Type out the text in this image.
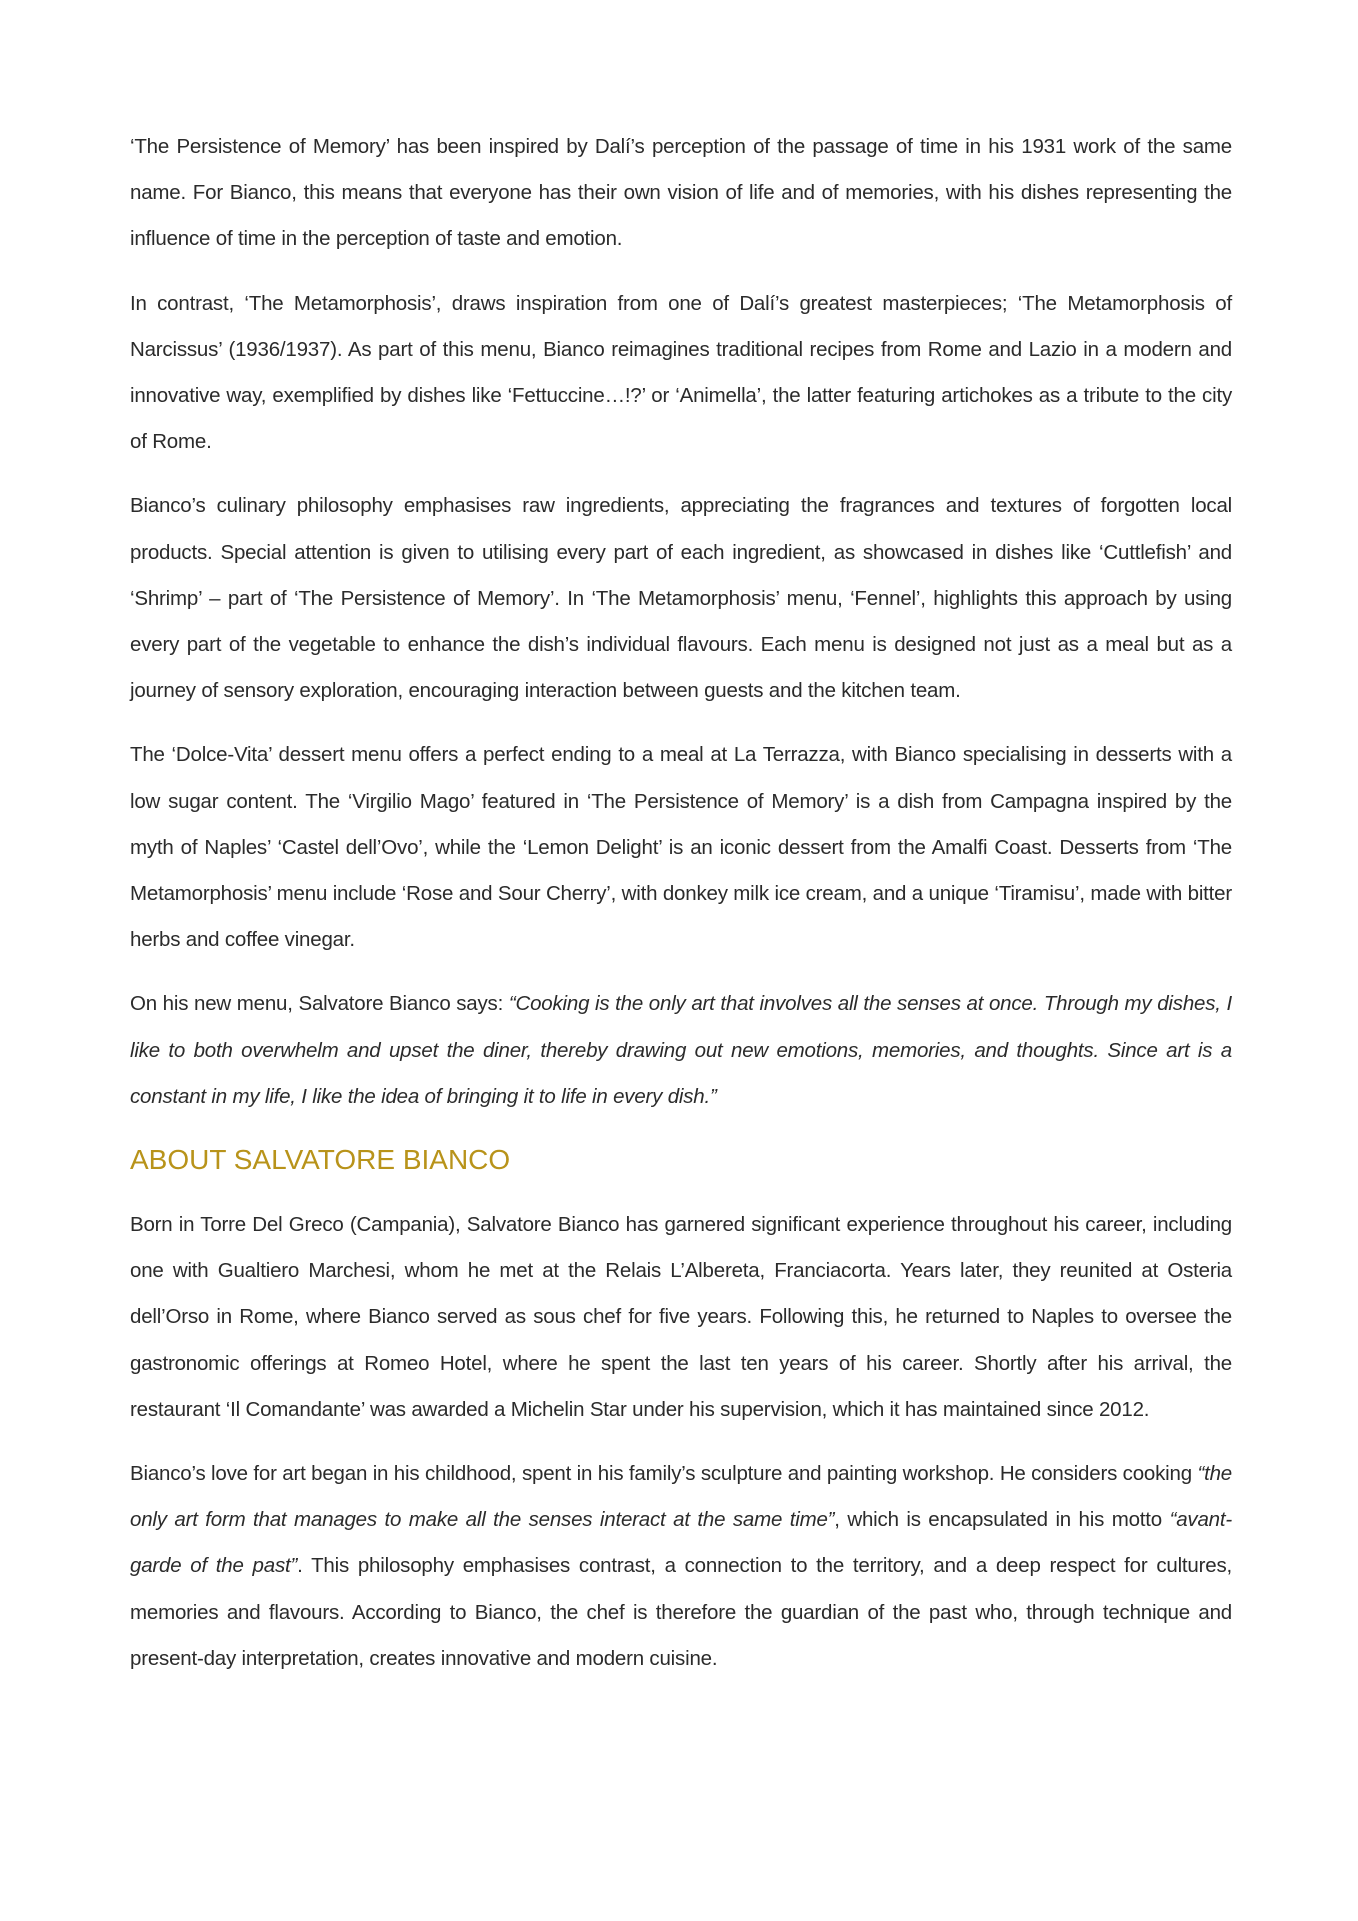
‘The Persistence of Memory’ has been inspired by Dalí’s perception of the passage of time in his 1931 work of the same name. For Bianco, this means that everyone has their own vision of life and of memories, with his dishes representing the influence of time in the perception of taste and emotion.

In contrast, ‘The Metamorphosis’, draws inspiration from one of Dalí’s greatest masterpieces; ‘The Metamorphosis of Narcissus’ (1936/1937). As part of this menu, Bianco reimagines traditional recipes from Rome and Lazio in a modern and innovative way, exemplified by dishes like ‘Fettuccine…!?’ or ‘Animella’, the latter featuring artichokes as a tribute to the city of Rome.

Bianco’s culinary philosophy emphasises raw ingredients, appreciating the fragrances and textures of forgotten local products. Special attention is given to utilising every part of each ingredient, as showcased in dishes like ‘Cuttlefish’ and ‘Shrimp’ – part of ‘The Persistence of Memory’. In ‘The Metamorphosis’ menu, ‘Fennel’, highlights this approach by using every part of the vegetable to enhance the dish’s individual flavours. Each menu is designed not just as a meal but as a journey of sensory exploration, encouraging interaction between guests and the kitchen team.

The ‘Dolce-Vita’ dessert menu offers a perfect ending to a meal at La Terrazza, with Bianco specialising in desserts with a low sugar content. The ‘Virgilio Mago’ featured in ‘The Persistence of Memory’ is a dish from Campagna inspired by the myth of Naples’ ‘Castel dell’Ovo’, while the ‘Lemon Delight’ is an iconic dessert from the Amalfi Coast. Desserts from ‘The Metamorphosis’ menu include ‘Rose and Sour Cherry’, with donkey milk ice cream, and a unique ‘Tiramisu’, made with bitter herbs and coffee vinegar.

On his new menu, Salvatore Bianco says: “Cooking is the only art that involves all the senses at once. Through my dishes, I like to both overwhelm and upset the diner, thereby drawing out new emotions, memories, and thoughts. Since art is a constant in my life, I like the idea of bringing it to life in every dish.”

ABOUT SALVATORE BIANCO

Born in Torre Del Greco (Campania), Salvatore Bianco has garnered significant experience throughout his career, including one with Gualtiero Marchesi, whom he met at the Relais L’Albereta, Franciacorta. Years later, they reunited at Osteria dell’Orso in Rome, where Bianco served as sous chef for five years. Following this, he returned to Naples to oversee the gastronomic offerings at Romeo Hotel, where he spent the last ten years of his career. Shortly after his arrival, the restaurant ‘Il Comandante’ was awarded a Michelin Star under his supervision, which it has maintained since 2012.

Bianco’s love for art began in his childhood, spent in his family’s sculpture and painting workshop. He considers cooking “the only art form that manages to make all the senses interact at the same time”, which is encapsulated in his motto “avant-garde of the past”. This philosophy emphasises contrast, a connection to the territory, and a deep respect for cultures, memories and flavours. According to Bianco, the chef is therefore the guardian of the past who, through technique and present-day interpretation, creates innovative and modern cuisine.
